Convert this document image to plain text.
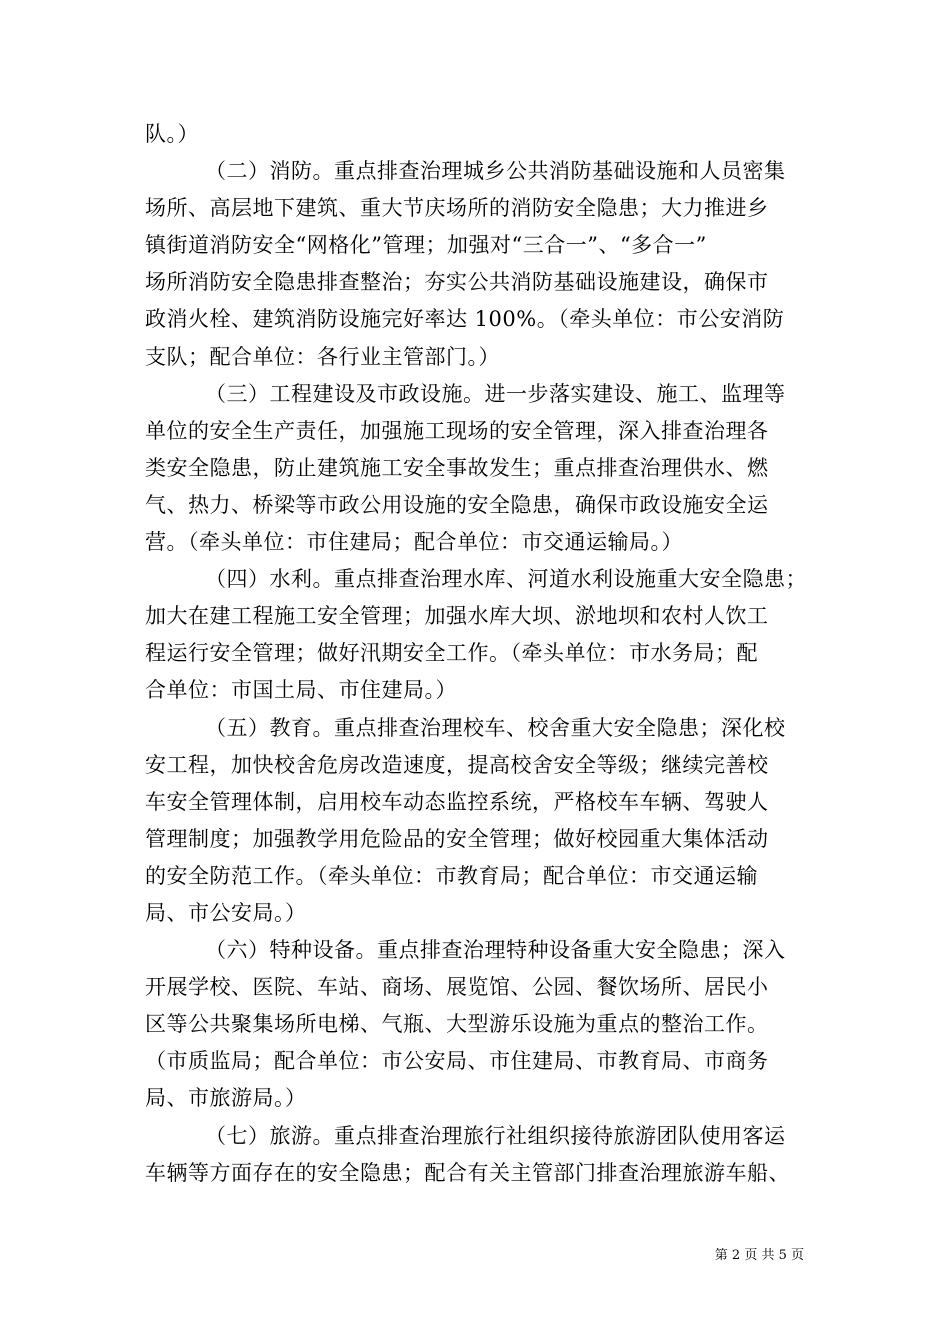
队。）
（二）消防。重点排查治理城乡公共消防基础设施和人员密集
场所、高层地下建筑、重大节庆场所的消防安全隐患；大力推进乡
镇街道消防安全“网格化”管理；加强对“三合一”、“多合一”
场所消防安全隐患排查整治；夯实公共消防基础设施建设，确保市
政消火栓、建筑消防设施完好率达 100%。（牵头单位：市公安消防
支队；配合单位：各行业主管部门。）
（三）工程建设及市政设施。进一步落实建设、施工、监理等
单位的安全生产责任，加强施工现场的安全管理，深入排查治理各
类安全隐患，防止建筑施工安全事故发生；重点排查治理供水、燃
气、热力、桥梁等市政公用设施的安全隐患，确保市政设施安全运
营。（牵头单位：市住建局；配合单位：市交通运输局。）
（四）水利。重点排查治理水库、河道水利设施重大安全隐患；
加大在建工程施工安全管理；加强水库大坝、淤地坝和农村人饮工
程运行安全管理；做好汛期安全工作。（牵头单位：市水务局；配
合单位：市国土局、市住建局。）
（五）教育。重点排查治理校车、校舍重大安全隐患；深化校
安工程，加快校舍危房改造速度，提高校舍安全等级；继续完善校
车安全管理体制，启用校车动态监控系统，严格校车车辆、驾驶人
管理制度；加强教学用危险品的安全管理；做好校园重大集体活动
的安全防范工作。（牵头单位：市教育局；配合单位：市交通运输
局、市公安局。）
（六）特种设备。重点排查治理特种设备重大安全隐患；深入
开展学校、医院、车站、商场、展览馆、公园、餐饮场所、居民小
区等公共聚集场所电梯、气瓶、大型游乐设施为重点的整治工作。
（市质监局；配合单位：市公安局、市住建局、市教育局、市商务
局、市旅游局。）
（七）旅游。重点排查治理旅行社组织接待旅游团队使用客运
车辆等方面存在的安全隐患；配合有关主管部门排查治理旅游车船、
第 2 页 共 5 页
